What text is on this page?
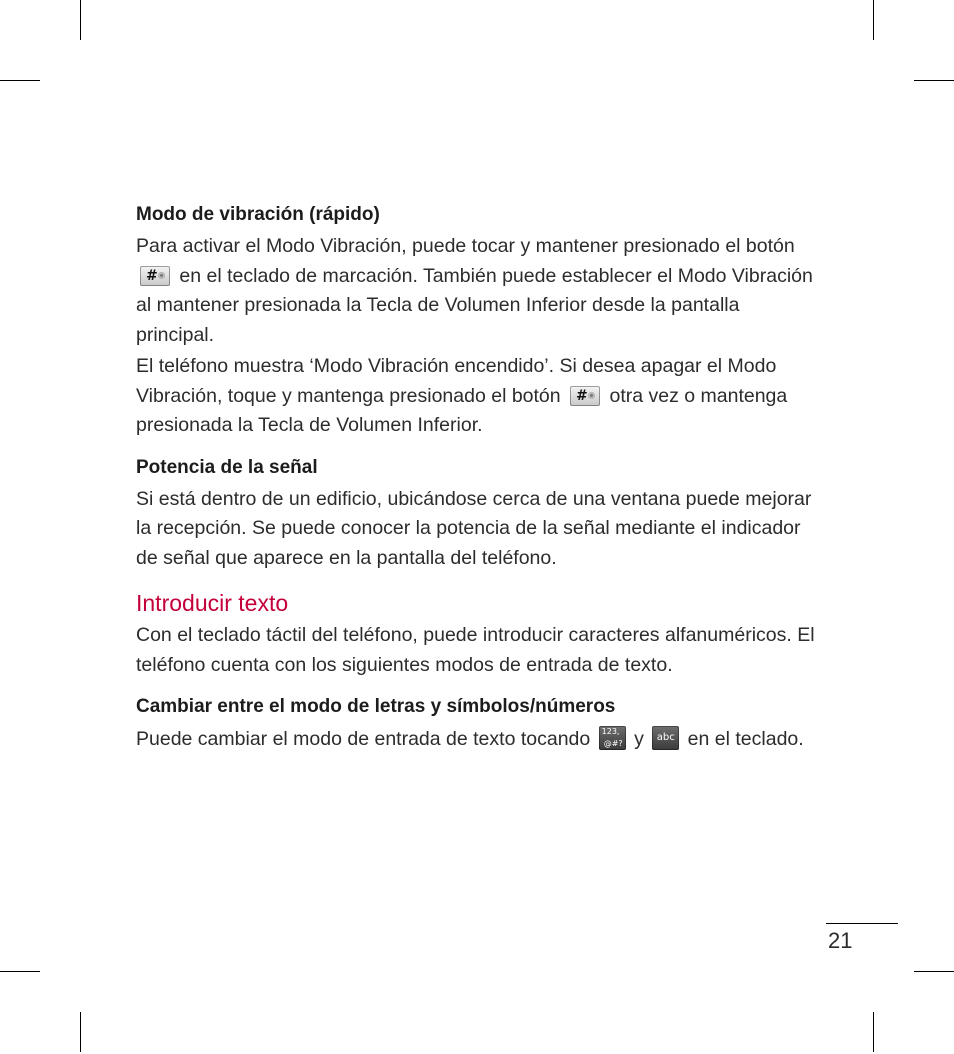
Modo de vibración (rápido)

Para activar el Modo Vibración, puede tocar y mantener presionado el botón
# en el teclado de marcación. También puede establecer el Modo Vibración al mantener presionada la Tecla de Volumen Inferior desde la pantalla principal.

El teléfono muestra ‘Modo Vibración encendido’. Si desea apagar el Modo Vibración, toque y mantenga presionado el botón # otra vez o mantenga presionada la Tecla de Volumen Inferior.

Potencia de la señal

Si está dentro de un edificio, ubicándose cerca de una ventana puede mejorar la recepción. Se puede conocer la potencia de la señal mediante el indicador de señal que aparece en la pantalla del teléfono.

Introducir texto

Con el teclado táctil del teléfono, puede introducir caracteres alfanuméricos. El teléfono cuenta con los siguientes modos de entrada de texto.

Cambiar entre el modo de letras y símbolos/números

Puede cambiar el modo de entrada de texto tocando 123,
@#? y	abc en el teclado.

21
